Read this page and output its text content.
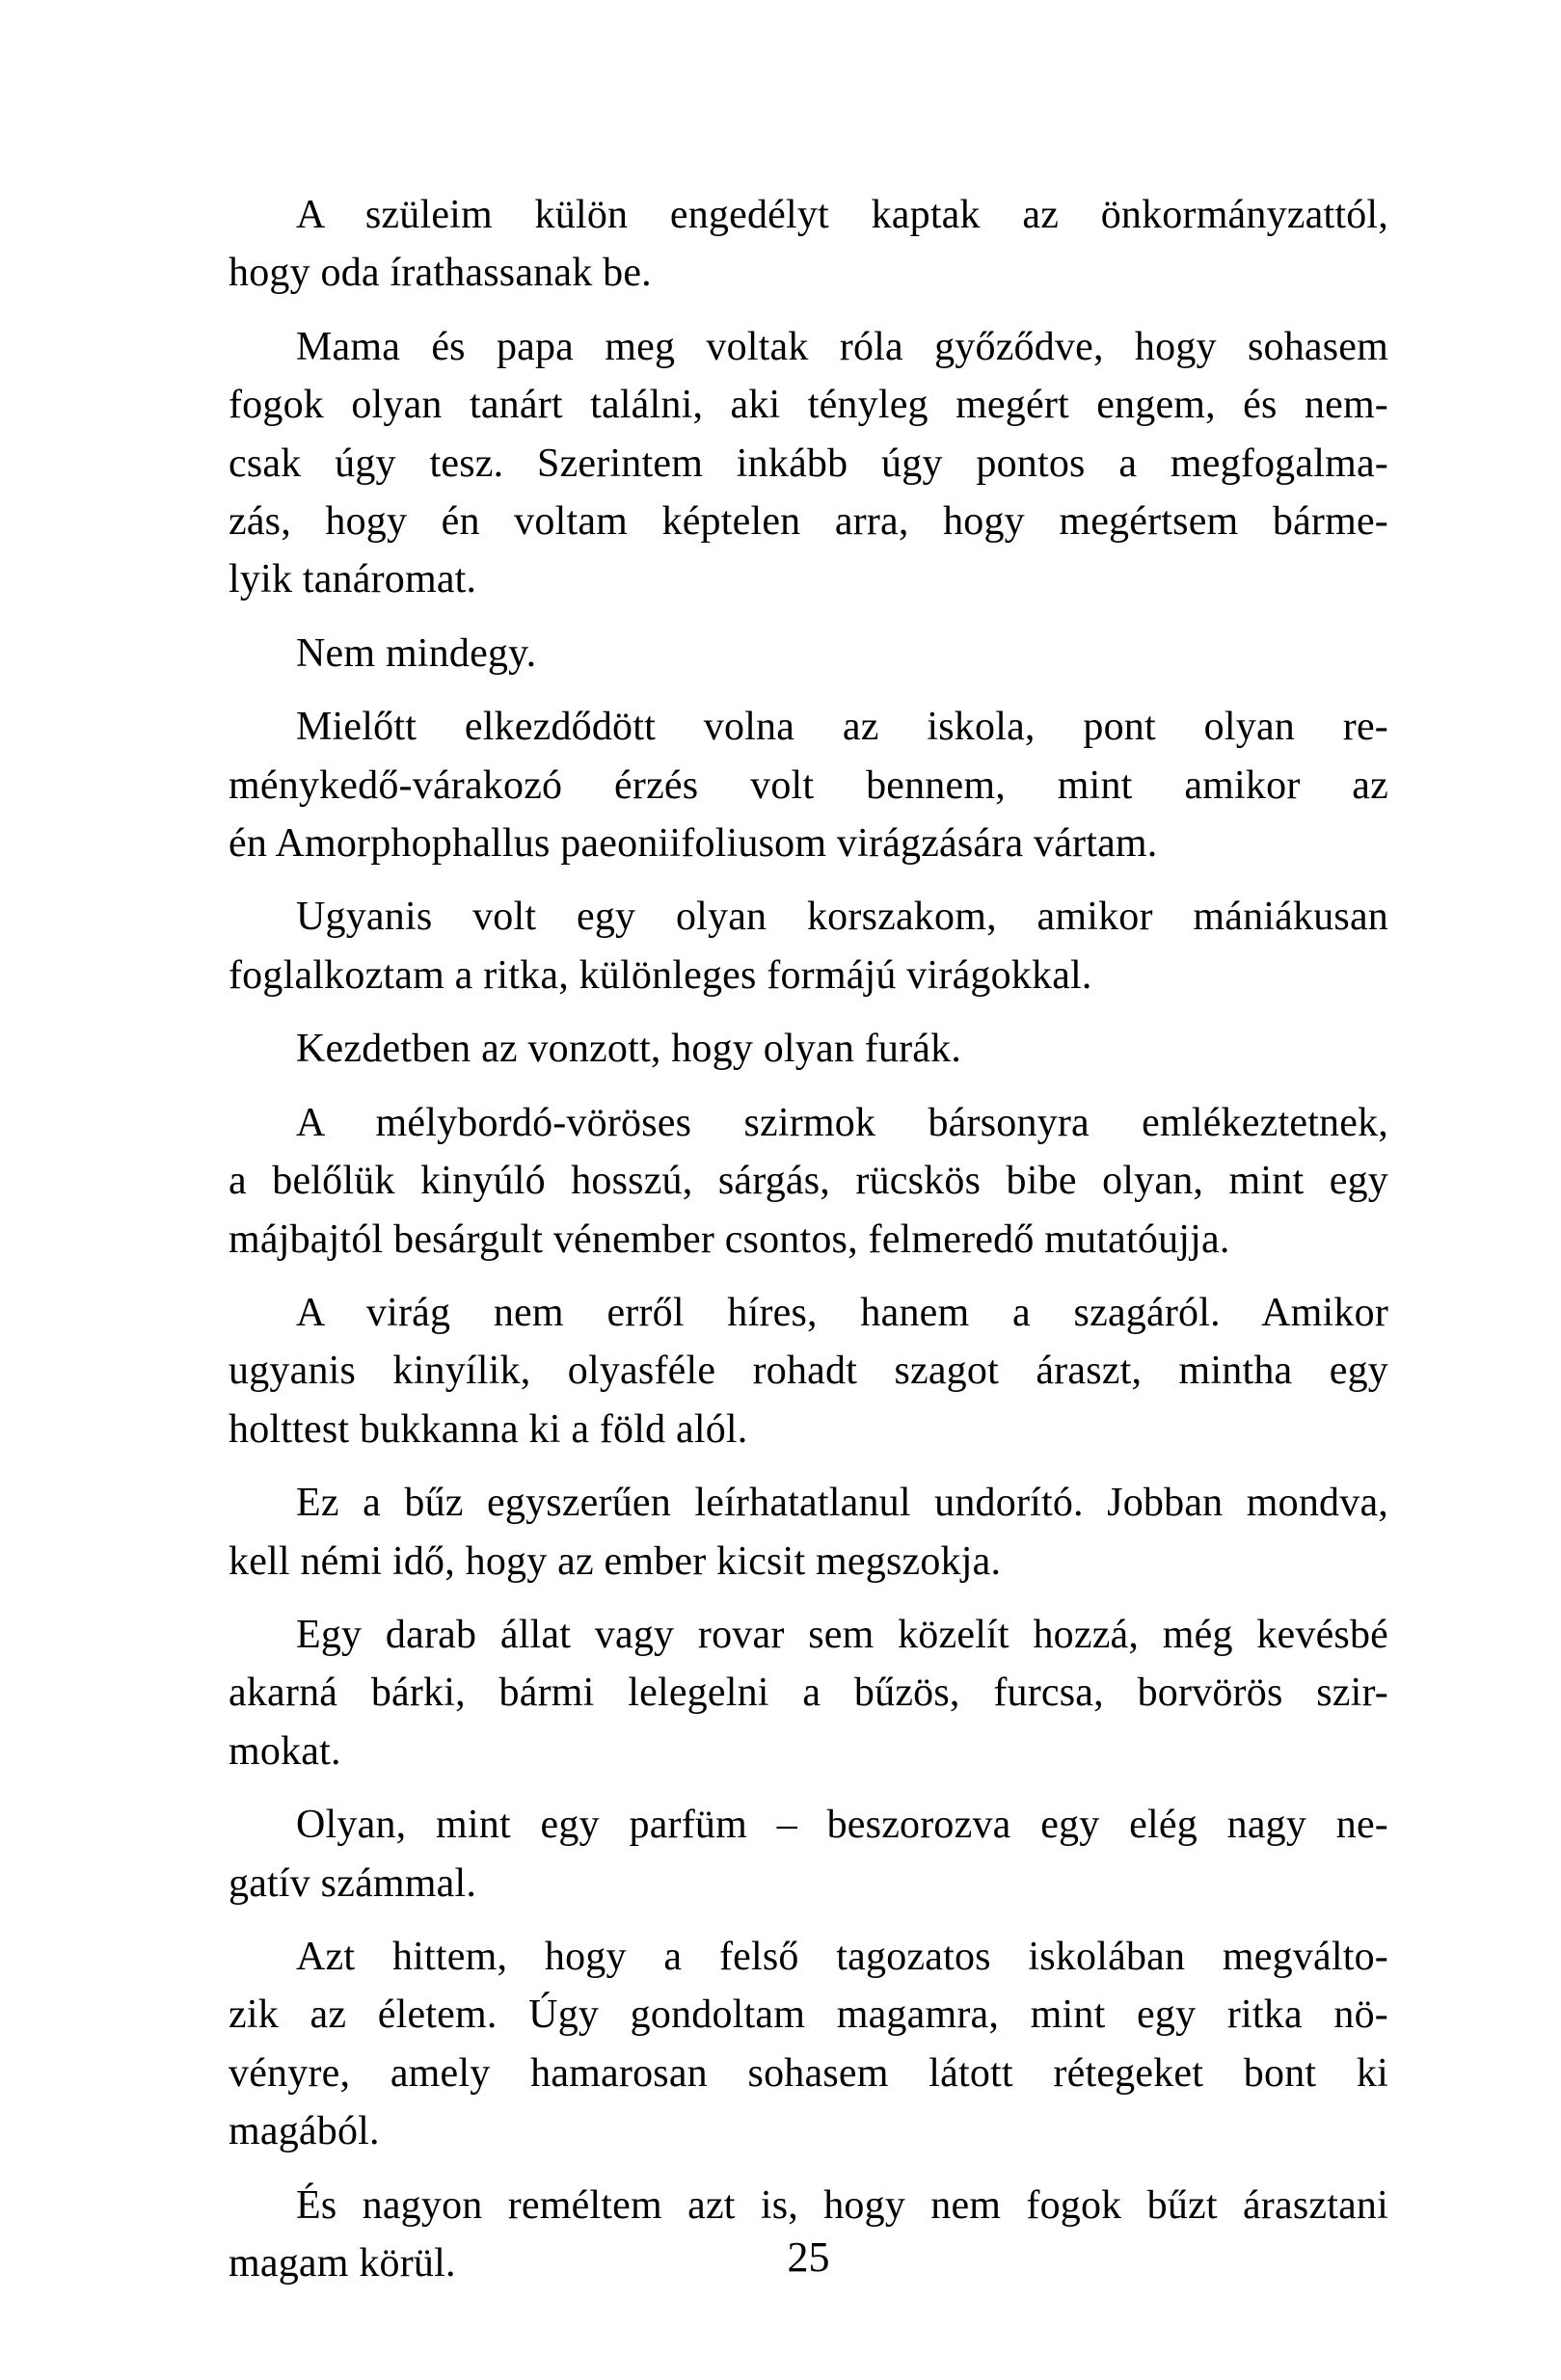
A szüleim külön engedélyt kaptak az önkormányzattól,
hogy oda írathassanak be.

Mama és papa meg voltak róla győződve, hogy sohasem
fogok olyan tanárt találni, aki tényleg megért engem, és nem-
csak úgy tesz. Szerintem inkább úgy pontos a megfogalma-
zás, hogy én voltam képtelen arra, hogy megértsem bárme-
lyik tanáromat.

Nem mindegy.

Mielőtt elkezdődött volna az iskola, pont olyan re-
ménykedő-várakozó érzés volt bennem, mint amikor az
én Amorphophallus paeoniifoliusom virágzására vártam.

Ugyanis volt egy olyan korszakom, amikor mániákusan
foglalkoztam a ritka, különleges formájú virágokkal.

Kezdetben az vonzott, hogy olyan furák.

A mélybordó-vöröses szirmok bársonyra emlékeztetnek,
a belőlük kinyúló hosszú, sárgás, rücskös bibe olyan, mint egy
májbajtól besárgult vénember csontos, felmeredő mutatóujja.

A virág nem erről híres, hanem a szagáról. Amikor
ugyanis kinyílik, olyasféle rohadt szagot áraszt, mintha egy
holttest bukkanna ki a föld alól.

Ez a bűz egyszerűen leírhatatlanul undorító. Jobban mondva,
kell némi idő, hogy az ember kicsit megszokja.

Egy darab állat vagy rovar sem közelít hozzá, még kevésbé
akarná bárki, bármi lelegelni a bűzös, furcsa, borvörös szir-
mokat.

Olyan, mint egy parfüm – beszorozva egy elég nagy ne-
gatív számmal.

Azt hittem, hogy a felső tagozatos iskolában megválto-
zik az életem. Úgy gondoltam magamra, mint egy ritka nö-
vényre, amely hamarosan sohasem látott rétegeket bont ki
magából.

És nagyon reméltem azt is, hogy nem fogok bűzt árasztani
magam körül.	25
